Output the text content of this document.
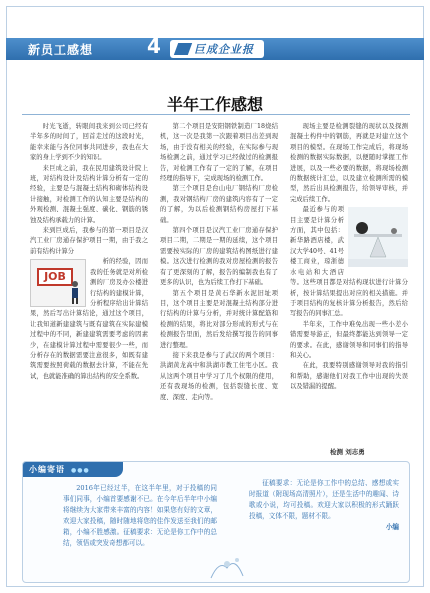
新员工感想	4	巨成企业报
半年工作感想

时光飞逝，转眼间我来到公司已经有半年多的时间了，回首走过的这段时光，能幸来能与各位同事共同进步，我也在大家的身上学到不少的知识。

来巨成之前，我在民用建筑设计院上班，对结构设计及结构计算分析有一定的经验，主要是与混凝土结构和砌体结构设计接触，对检测工作的认知主要是结构的外观检测、混凝土强度、碳化、钢筋的锈蚀及结构承载力的计算。

来到巨成后，我参与的第一项目是汉汽工业厂房通存保护项目一期，由于我之前有结构计算分

JOB

析的经验，因而我的任务就是对所检测的厂房及办公楼进行结构的建模计算，分析程序给出计算结果，然后写出计算结论，通过这个项目，让我知道新建建筑与既有建筑在实际建模过程中的不同，新建建筑需要考虑的因素少，在建模计算过程中需要很少一些，而分析存在的数据需要注意很多，如既有建筑需要按照荷载的数据去计算，不能在先试，也就能准确的算出结构的安全系数。

第二个项目是安阳钢铁制造厂18烧结机，这一次是我第一次跟着项目出差到现场，由于没有相关的经验，在实际参与现场检测之前，通过学习已经做过的检测报告，对检测工作有了一定的了解，在项目经理的指导下，完成现场的检测工作。

第三个项目是台山电厂钢结构厂房检测，我对钢结构厂房的建筑内容有了一定的了解，为以后检测钢结构房屋打下基础。

第四个项目是汉汽工业厂房通存保护项目二期，二期是一期的延续，这个项目需要按实际的厂房的建筑结构图纸进行建模。这次进行检测的我对房屋检测的报告有了更深刻的了解，报告的编制我也有了更多的认识，也为后续工作打下基础。

第五个项目是黄石华新水泥旧址项目，这个项目主要是对混凝土结构部分进行结构的计算与分析，并对统计算配筋和检测的结果，将比对部分形成的形式与在检测报告里面，然后发给撰写报告的同事进行整理。

接下来我是参与了武汉的两个项目：洪湖黄龙高中和洪湖市教工住宅小区。我从这两个项目中学习了几个权限的使用，还有我现场的检测，包括裂缝长度、宽度、深度、走向等。

现场主要是检测裂缝的现状以及探测混凝土构件中的钢筋，再就是对建立这个项目的模型。在现场工作完成后，将现场检测的数据实际数据，以便随时掌握工作进展，以及一些必要的数据，将现场检测的数据统计汇总，以及建立检测所需的模型，然后出具检测报告，给领导审核，并完成后续工作。

最近参与的项目主要是计算分析方面，其中包括：新华路酒店楼，武汉大学40号、41号楼工商业，琼浙德水电站和大酒店等。这些项目都是对结构现状进行计算分析，按计算结果提出对应的相关措施。并于项目结构的复核计算分析报告，然后给写报告的同事汇总。

半年来，工作中难免出现一些小差小错需要导游正，但最终都能达到领导一定的要求。在此，感谢领导和同事们的指导和关心。

在此，我要特别感谢领导对我的指引和帮助，感谢他们对我工作中出现的失误以及错漏的提醒。

检测 刘志勇
小编寄语 ●●●

2016年已经过半，在这半年里，对于投稿的同事们同事，小编首要感谢不已。在今年后半年中小编将继续为大家带来丰富的内容！如果您有好的文章，欢迎大家投稿，随时随地将您的佳作发送至我们的邮箱，小编不胜感激。征稿要求：无论是你工作中的总结，领悟或突发奇想都可以。

征稿要求：无论是你工作中的总结、感想或实时报道（附现场高清照片），还是生活中的趣闻、诗歌或小说，均可投稿。欢迎大家以积极的形式踊跃投稿，文体不限，题材不限。

小编
